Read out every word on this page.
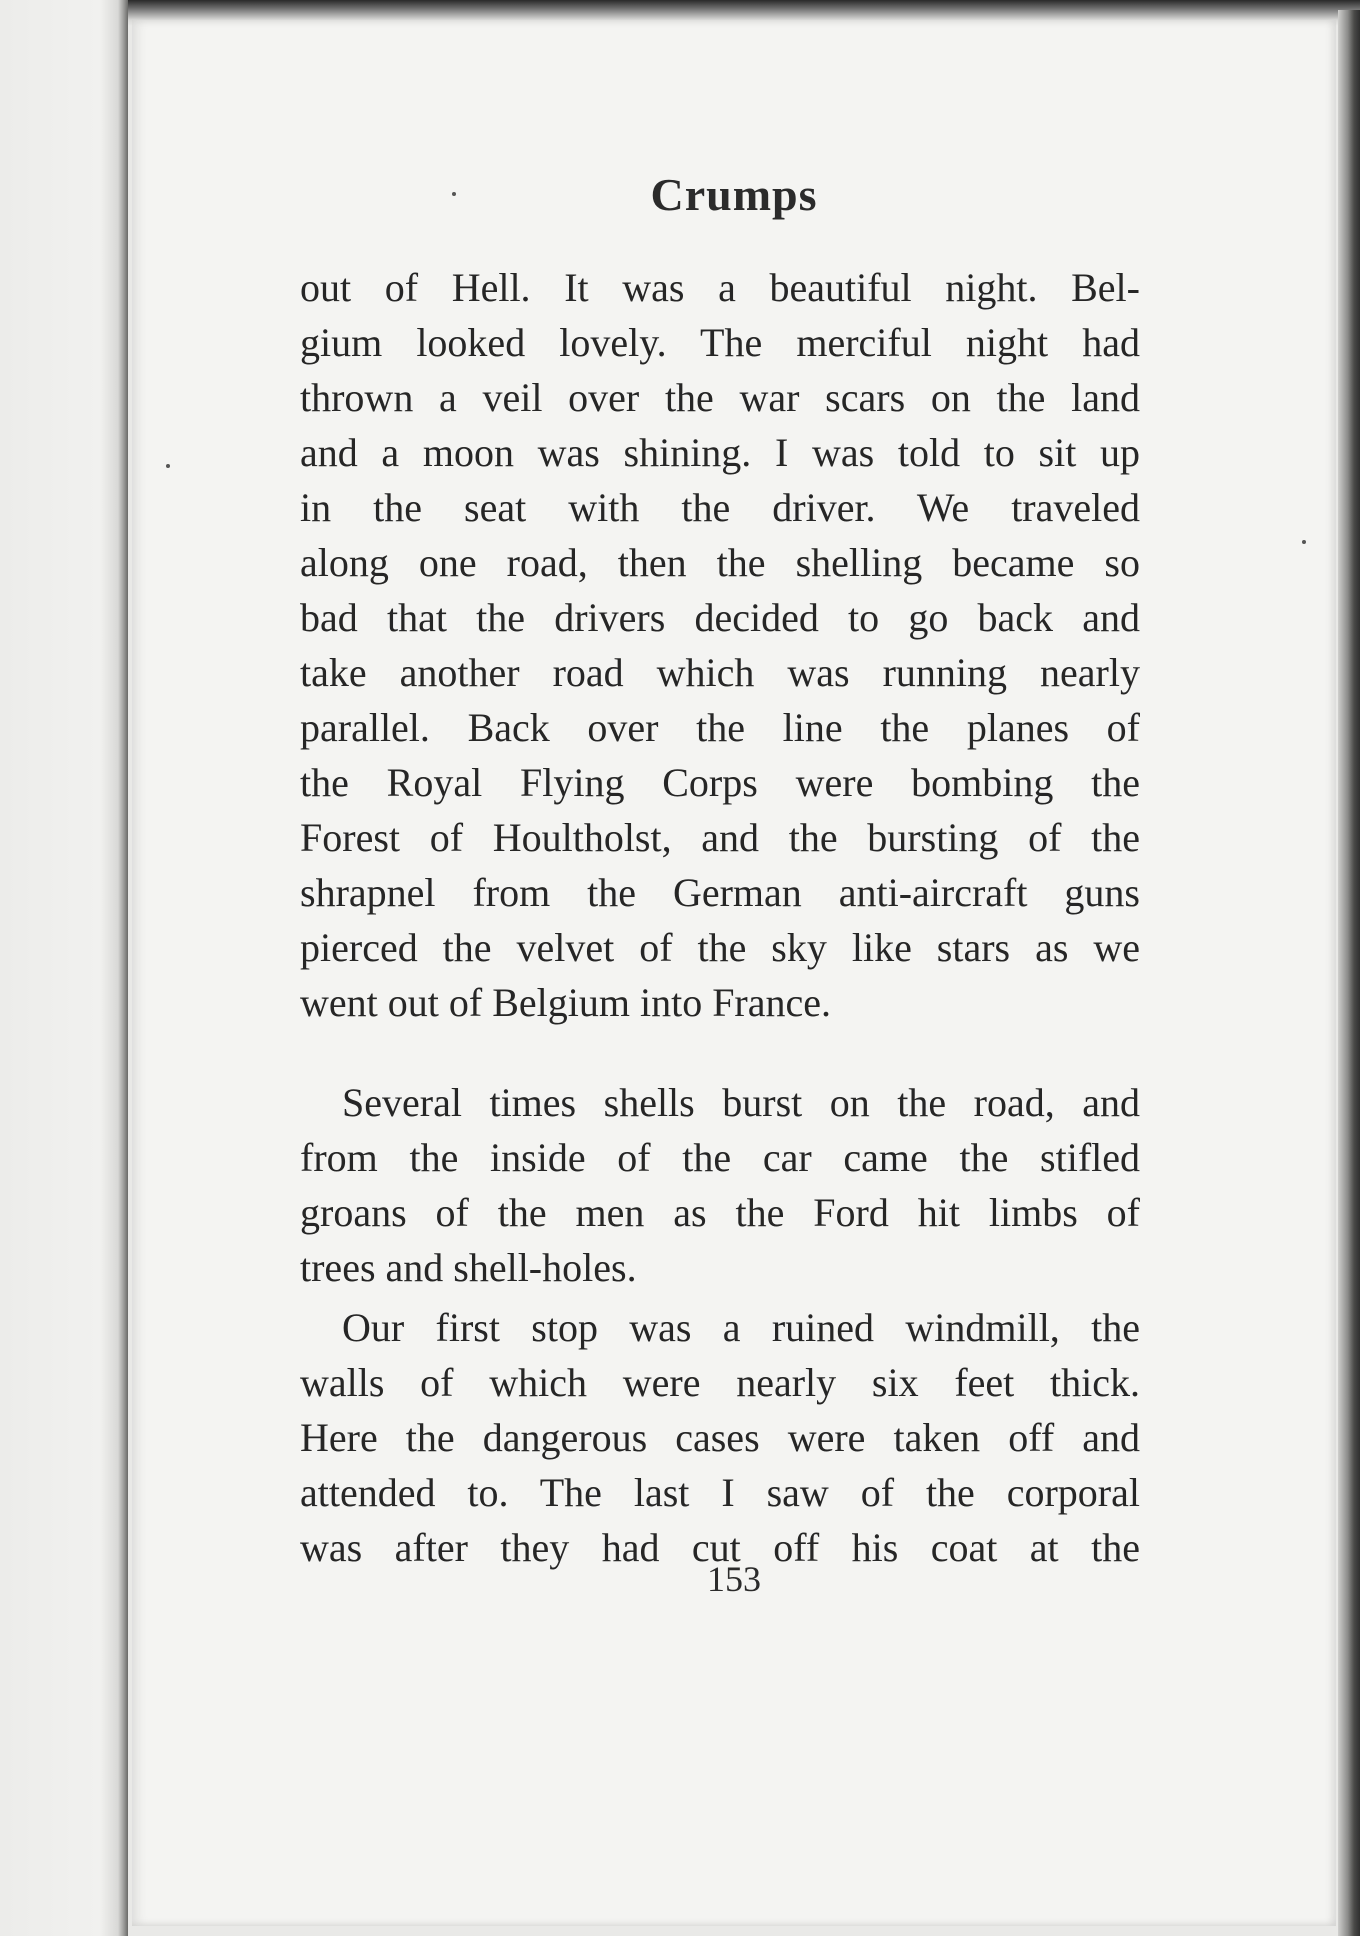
Crumps
out of Hell. It was a beautiful night. Bel-
gium looked lovely. The merciful night had
thrown a veil over the war scars on the land
and a moon was shining. I was told to sit up
in the seat with the driver. We traveled
along one road, then the shelling became so
bad that the drivers decided to go back and
take another road which was running nearly
parallel. Back over the line the planes of
the Royal Flying Corps were bombing the
Forest of Houltholst, and the bursting of the
shrapnel from the German anti-aircraft guns
pierced the velvet of the sky like stars as we
went out of Belgium into France.
Several times shells burst on the road, and
from the inside of the car came the stifled
groans of the men as the Ford hit limbs of
trees and shell-holes.
Our first stop was a ruined windmill, the
walls of which were nearly six feet thick.
Here the dangerous cases were taken off and
attended to. The last I saw of the corporal
was after they had cut off his coat at the

153
